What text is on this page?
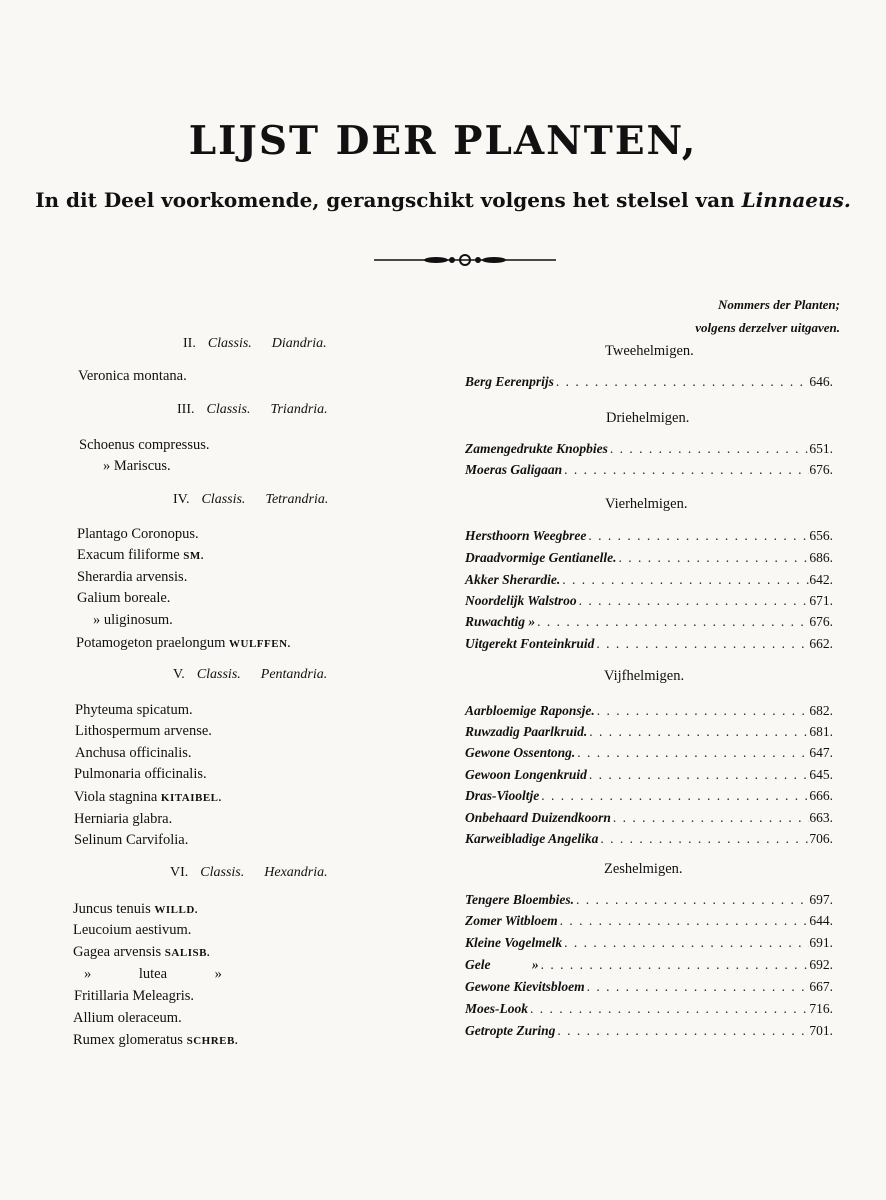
LIJST DER PLANTEN,
In dit Deel voorkomende, gerangschikt volgens het stelsel van Linnaeus.
Nommers der Planten;
volgens derzelver uitgaven.
II. Classis. Diandria.
III. Classis. Triandria.
IV. Classis. Tetrandria.
V. Classis. Pentandria.
VI. Classis. Hexandria.
Tweehelmigen.
Driehelmigen.
Vierhelmigen.
Vijfhelmigen.
Zeshelmigen.
Veronica montana.
Schoenus compressus.
» Mariscus.
Plantago Coronopus.
Exacum filiforme SM.
Sherardia arvensis.
Galium boreale.
» uliginosum.
Potamogeton praelongum WULFFEN.
Phyteuma spicatum.
Lithospermum arvense.
Anchusa officinalis.
Pulmonaria officinalis.
Viola stagnina KITAIBEL.
Herniaria glabra.
Selinum Carvifolia.
Juncus tenuis WILLD.
Leucoium aestivum.
Gagea arvensis SALISB.
» lutea »
Fritillaria Meleagris.
Allium oleraceum.
Rumex glomeratus SCHREB.
Berg Eerenprijs . . .	646.
Zamengedrukte Knopbies . . .	651.
Moeras Galigaan . . .	676.
Hersthoorn Weegbree . . .	656.
Draadvormige Gentianelle. . . .	686.
Akker Sherardie. . . .	642.
Noordelijk Walstroo . . .	671.
Ruwachtig » . . .	676.
Uitgerekt Fonteinkruid . . .	662.
Aarbloemige Raponsje. . . .	682.
Ruwzadig Paarlkruid. . . .	681.
Gewone Ossentong. . . .	647.
Gewoon Longenkruid . . .	645.
Dras-Viooltje . . .	666.
Onbehaard Duizendkoorn . . .	663.
Karweibladige Angelika . . .	706.
Tengere Bloembies. . . .	697.
Zomer Witbloem . . .	644.
Kleine Vogelmelk . . .	691.
Gele » . . .	692.
Gewone Kievitsbloem . . .	667.
Moes-Look . . .	716.
Getropte Zuring . . .	701.
